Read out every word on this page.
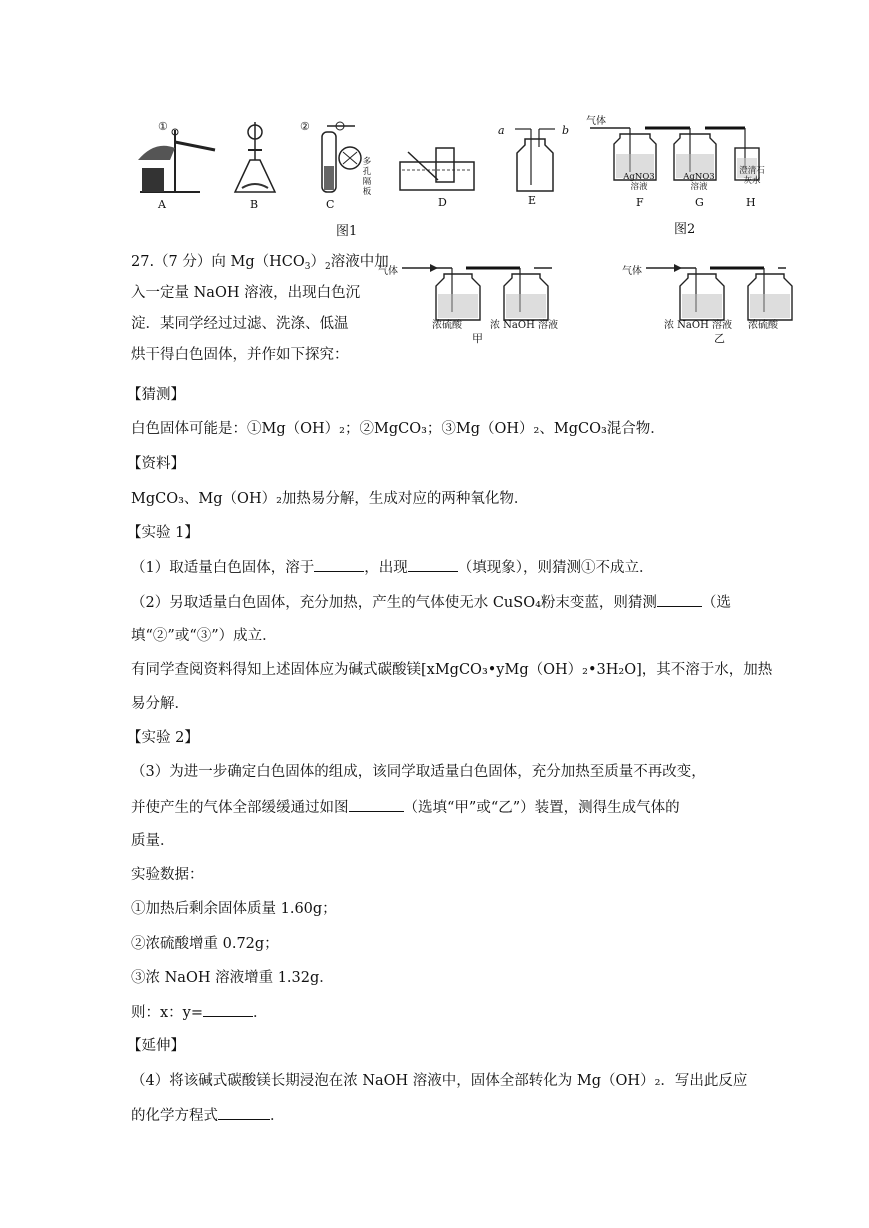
①
A	B
②
多孔隔板
C	D
a	b
E
图1
气体
AgNO3 溶液
AgNO3 溶液
澄清石灰水
F	G	H
图2
气体
浓硫酸	浓 NaOH 溶液
甲
气体
浓 NaOH 溶液 浓硫酸
乙
27.（7 分）向 $Mg(HCO_3)_2$溶液中加
入一定量 NaOH 溶液，出现白色沉
淀．某同学经过过滤、洗涤、低温
烘干得白色固体，并作如下探究：
【猜测】
白色固体可能是：①Mg（OH）₂；②MgCO₃；③Mg（OH）₂、MgCO₃混合物．
【资料】
MgCO₃、Mg（OH）₂加热易分解，生成对应的两种氧化物．
【实验 1】
（1）取适量白色固体，溶于	，出现	（填现象），则猜测①不成立．
（2）另取适量白色固体，充分加热，产生的气体使无水 CuSO₄粉末变蓝，则猜测	（选
填“②”或“③”）成立．
有同学查阅资料得知上述固体应为碱式碳酸镁[xMgCO₃•yMg（OH）₂•3H₂O]，其不溶于水，加热
易分解．
【实验 2】
（3）为进一步确定白色固体的组成，该同学取适量白色固体，充分加热至质量不再改变，
并使产生的气体全部缓缓通过如图	（选填“甲”或“乙”）装置，测得生成气体的
质量．
实验数据：
①加热后剩余固体质量 1.60g；
②浓硫酸增重 0.72g；
③浓 NaOH 溶液增重 1.32g．
则：x：y=	．
【延伸】
（4）将该碱式碳酸镁长期浸泡在浓 NaOH 溶液中，固体全部转化为 Mg（OH）₂．写出此反应
的化学方程式	．
